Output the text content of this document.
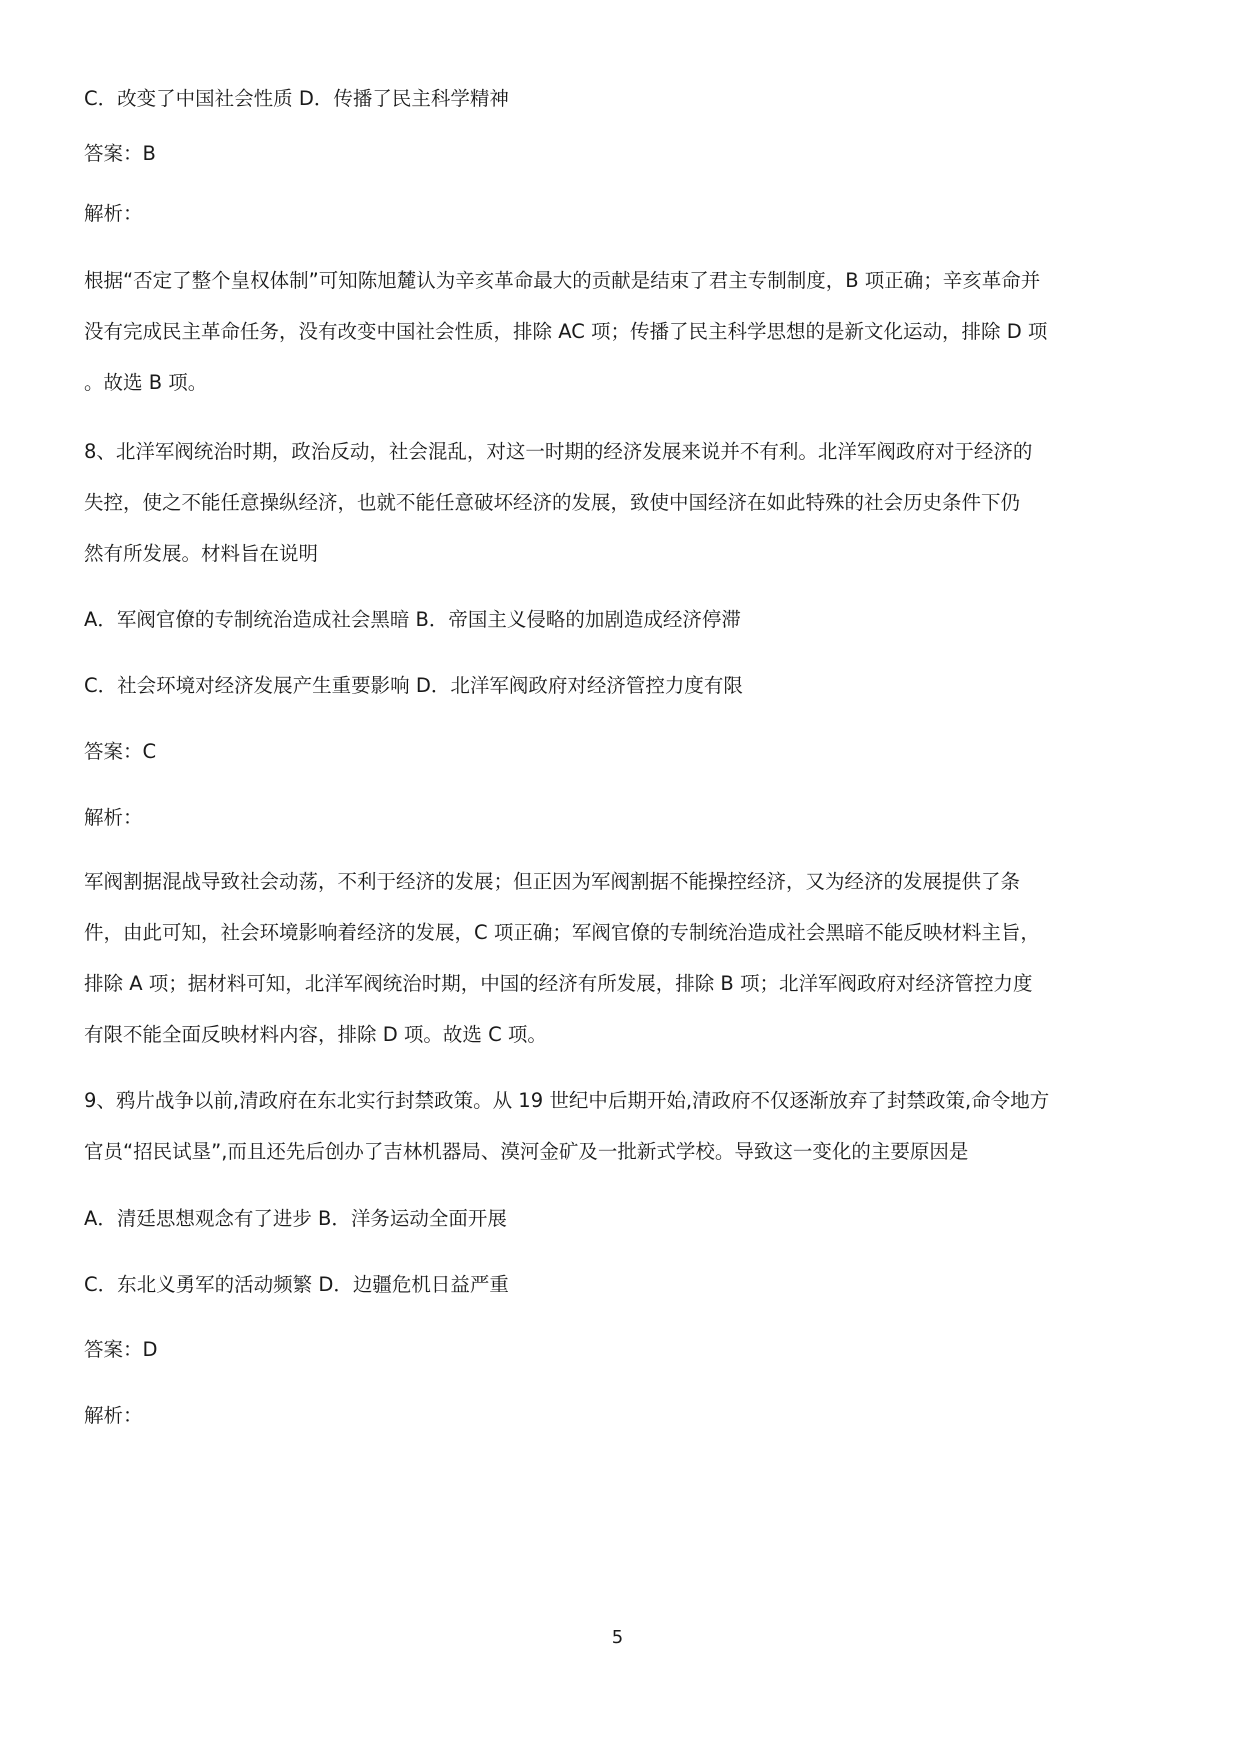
C．改变了中国社会性质 D．传播了民主科学精神
答案：B
解析：
根据“否定了整个皇权体制”可知陈旭麓认为辛亥革命最大的贡献是结束了君主专制制度，B 项正确；辛亥革命并
没有完成民主革命任务，没有改变中国社会性质，排除 AC 项；传播了民主科学思想的是新文化运动，排除 D 项
。故选 B 项。
8、北洋军阀统治时期，政治反动，社会混乱，对这一时期的经济发展来说并不有利。北洋军阀政府对于经济的
失控，使之不能任意操纵经济，也就不能任意破坏经济的发展，致使中国经济在如此特殊的社会历史条件下仍
然有所发展。材料旨在说明
A．军阀官僚的专制统治造成社会黑暗 B．帝国主义侵略的加剧造成经济停滞
C．社会环境对经济发展产生重要影响 D．北洋军阀政府对经济管控力度有限
答案：C
解析：
军阀割据混战导致社会动荡，不利于经济的发展；但正因为军阀割据不能操控经济，又为经济的发展提供了条
件，由此可知，社会环境影响着经济的发展，C 项正确；军阀官僚的专制统治造成社会黑暗不能反映材料主旨，
排除 A 项；据材料可知，北洋军阀统治时期，中国的经济有所发展，排除 B 项；北洋军阀政府对经济管控力度
有限不能全面反映材料内容，排除 D 项。故选 C 项。
9、鸦片战争以前,清政府在东北实行封禁政策。从 19 世纪中后期开始,清政府不仅逐渐放弃了封禁政策,命令地方
官员“招民试垦”,而且还先后创办了吉林机器局、漠河金矿及一批新式学校。导致这一变化的主要原因是
A．清廷思想观念有了进步 B．洋务运动全面开展
C．东北义勇军的活动频繁 D．边疆危机日益严重
答案：D
解析：
5
